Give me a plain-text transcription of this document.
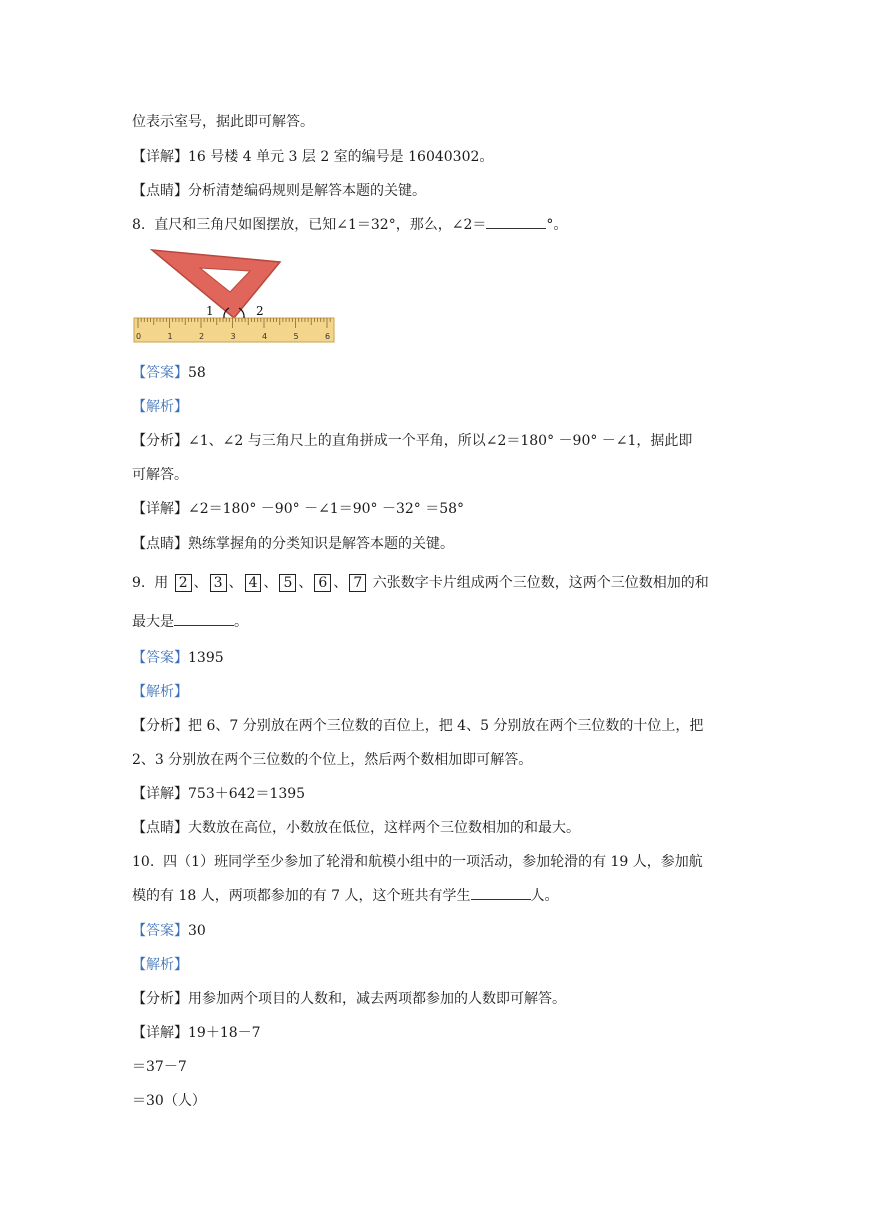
位表示室号，据此即可解答。
【详解】16 号楼 4 单元 3 层 2 室的编号是 16040302。
【点睛】分析清楚编码规则是解答本题的关键。
8. 直尺和三角尺如图摆放，已知∠1＝32°，那么，∠2＝	°。
1	2
0	1	2	3	4	5	6
【答案】58
【解析】
【分析】∠1、∠2 与三角尺上的直角拼成一个平角，所以∠2＝180° －90° －∠1，据此即
可解答。
【详解】∠2＝180° －90° －∠1＝90° －32° ＝58°
【点睛】熟练掌握角的分类知识是解答本题的关键。
9. 用 2 、 3 、 4 、 5 、 6 、 7 六张数字卡片组成两个三位数，这两个三位数相加的和
最大是	。
【答案】1395
【解析】
【分析】把 6、7 分别放在两个三位数的百位上，把 4、5 分别放在两个三位数的十位上，把
2、3 分别放在两个三位数的个位上，然后两个数相加即可解答。
【详解】753＋642＝1395
【点睛】大数放在高位，小数放在低位，这样两个三位数相加的和最大。
10. 四（1）班同学至少参加了轮滑和航模小组中的一项活动，参加轮滑的有 19 人，参加航
模的有 18 人，两项都参加的有 7 人，这个班共有学生	人。
【答案】30
【解析】
【分析】用参加两个项目的人数和，减去两项都参加的人数即可解答。
【详解】19＋18－7
＝37－7
＝30（人）
